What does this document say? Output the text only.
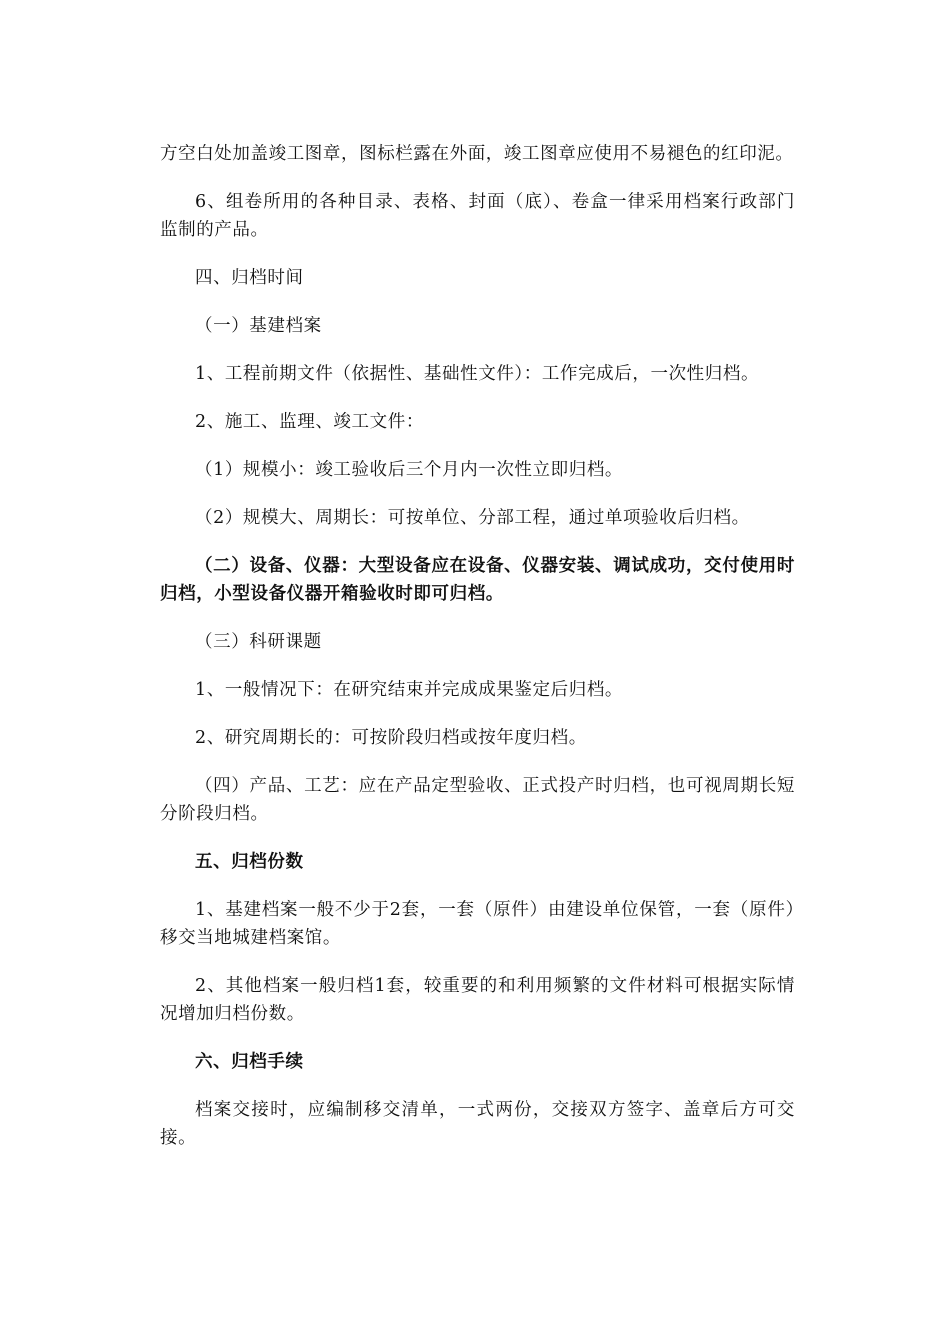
方空白处加盖竣工图章，图标栏露在外面，竣工图章应使用不易褪色的红印泥。

6、组卷所用的各种目录、表格、封面（底）、卷盒一律采用档案行政部门监制的产品。

四、归档时间

（一）基建档案

1、工程前期文件（依据性、基础性文件）：工作完成后，一次性归档。

2、施工、监理、竣工文件：

（1）规模小：竣工验收后三个月内一次性立即归档。

（2）规模大、周期长：可按单位、分部工程，通过单项验收后归档。

（二）设备、仪器：大型设备应在设备、仪器安装、调试成功，交付使用时归档，小型设备仪器开箱验收时即可归档。

（三）科研课题

1、一般情况下：在研究结束并完成成果鉴定后归档。

2、研究周期长的：可按阶段归档或按年度归档。

（四）产品、工艺：应在产品定型验收、正式投产时归档，也可视周期长短分阶段归档。

五、归档份数

1、基建档案一般不少于2套，一套（原件）由建设单位保管，一套（原件）移交当地城建档案馆。

2、其他档案一般归档1套，较重要的和利用频繁的文件材料可根据实际情况增加归档份数。

六、归档手续

档案交接时，应编制移交清单，一式两份，交接双方签字、盖章后方可交接。
